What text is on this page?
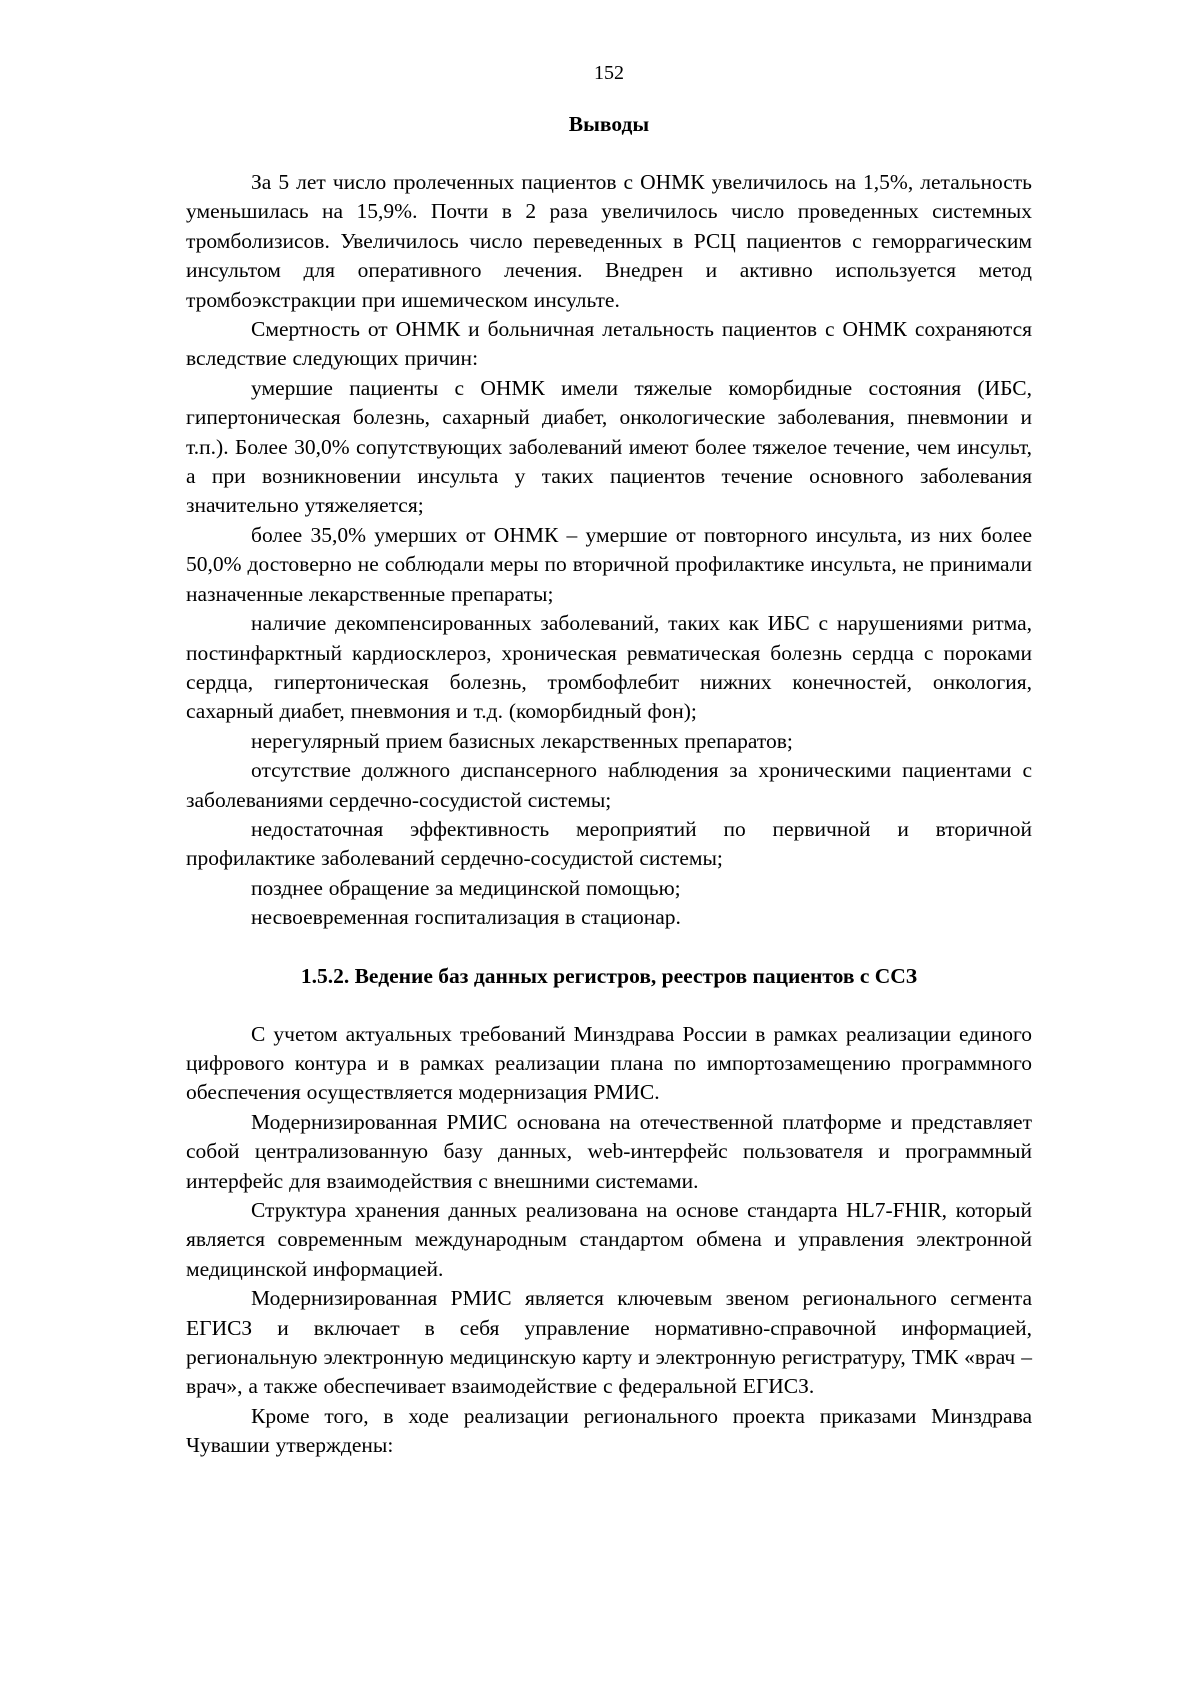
152
Выводы

За 5 лет число пролеченных пациентов с ОНМК увеличилось на 1,5%, летальность уменьшилась на 15,9%. Почти в 2 раза увеличилось число проведенных системных тромболизисов. Увеличилось число переведенных в РСЦ пациентов с геморрагическим инсультом для оперативного лечения. Внедрен и активно используется метод тромбоэкстракции при ишемическом инсульте.

Смертность от ОНМК и больничная летальность пациентов с ОНМК сохраняются вследствие следующих причин:

умершие пациенты с ОНМК имели тяжелые коморбидные состояния (ИБС, гипертоническая болезнь, сахарный диабет, онкологические заболевания, пневмонии и т.п.). Более 30,0% сопутствующих заболеваний имеют более тяжелое течение, чем инсульт, а при возникновении инсульта у таких пациентов течение основного заболевания значительно утяжеляется;

более 35,0% умерших от ОНМК – умершие от повторного инсульта, из них более 50,0% достоверно не соблюдали меры по вторичной профилактике инсульта, не принимали назначенные лекарственные препараты;

наличие декомпенсированных заболеваний, таких как ИБС с нарушениями ритма, постинфарктный кардиосклероз, хроническая ревматическая болезнь сердца с пороками сердца, гипертоническая болезнь, тромбофлебит нижних конечностей, онкология, сахарный диабет, пневмония и т.д. (коморбидный фон);

нерегулярный прием базисных лекарственных препаратов;

отсутствие должного диспансерного наблюдения за хроническими пациентами с заболеваниями сердечно-сосудистой системы;

недостаточная эффективность мероприятий по первичной и вторичной профилактике заболеваний сердечно-сосудистой системы;

позднее обращение за медицинской помощью;

несвоевременная госпитализация в стационар.

1.5.2. Ведение баз данных регистров, реестров пациентов с ССЗ

С учетом актуальных требований Минздрава России в рамках реализации единого цифрового контура и в рамках реализации плана по импортозамещению программного обеспечения осуществляется модернизация РМИС.

Модернизированная РМИС основана на отечественной платформе и представляет собой централизованную базу данных, web-интерфейс пользователя и программный интерфейс для взаимодействия с внешними системами.

Структура хранения данных реализована на основе стандарта HL7-FHIR, который является современным международным стандартом обмена и управления электронной медицинской информацией.

Модернизированная РМИС является ключевым звеном регионального сегмента ЕГИСЗ и включает в себя управление нормативно-справочной информацией, региональную электронную медицинскую карту и электронную регистратуру, ТМК «врач – врач», а также обеспечивает взаимодействие с федеральной ЕГИСЗ.

Кроме того, в ходе реализации регионального проекта приказами Минздрава Чувашии утверждены:
